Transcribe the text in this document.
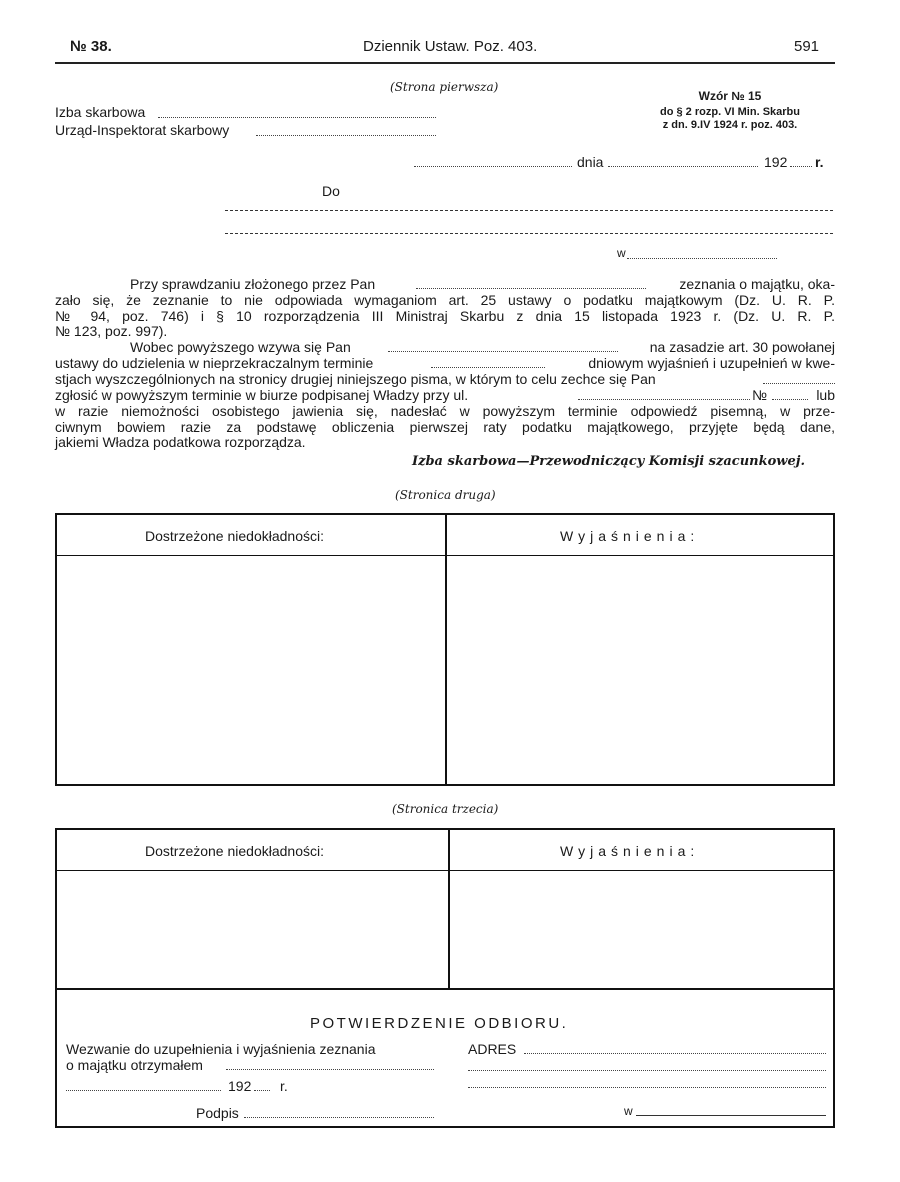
№ 38.	Dziennik Ustaw. Poz. 403.	591
(Strona pierwsza)
Wzór № 15
do § 2 rozp. VI Min. Skarbu
z dn. 9.IV 1924 r. poz. 403.
Izba skarbowa
Urząd-Inspektorat skarbowy
dnia	192 r.
Do
w
Przy sprawdzaniu złożonego przez Pan	zeznania o majątku, oka-
zało się, że zeznanie to nie odpowiada wymaganiom art. 25 ustawy o podatku majątkowym (Dz. U. R. P.
№ 94, poz. 746) i § 10 rozporządzenia III Ministraj Skarbu z dnia 15 listopada 1923 r. (Dz. U. R. P.
№ 123, poz. 997).
Wobec powyższego wzywa się Pan	na zasadzie art. 30 powołanej
ustawy do udzielenia w nieprzekraczalnym terminie	dniowym wyjaśnień i uzupełnień w kwe-
stjach wyszczególnionych na stronicy drugiej niniejszego pisma, w którym to celu zechce się Pan
zgłosić w powyższym terminie w biurze podpisanej Władzy przy ul.	№	lub
w razie niemożności osobistego jawienia się, nadesłać w powyższym terminie odpowiedź pisemną, w prze-
ciwnym bowiem razie za podstawę obliczenia pierwszej raty podatku majątkowego, przyjęte będą dane,
jakiemi Władza podatkowa rozporządza.
Izba skarbowa—Przewodniczący Komisji szacunkowej.
(Stronica druga)
Dostrzeżone niedokładności:	Wyjaśnienia:
(Stronica trzecia)
Dostrzeżone niedokładności:	Wyjaśnienia:
POTWIERDZENIE ODBIORU.
Wezwanie do uzupełnienia i wyjaśnienia zeznania
o majątku otrzymałem
ADRES
192 r.
Podpis	w
